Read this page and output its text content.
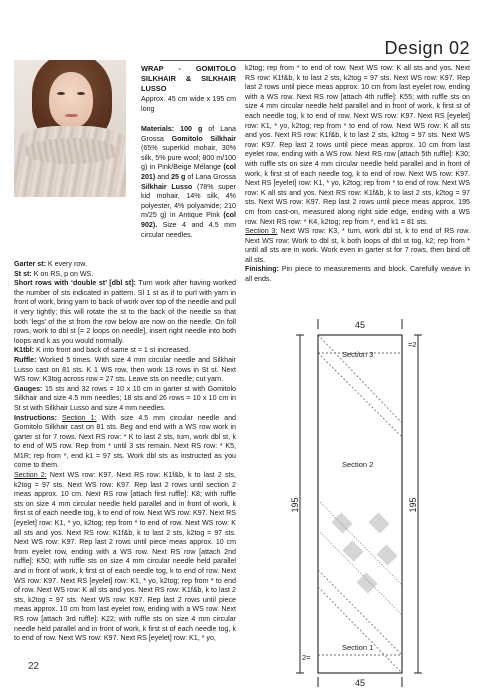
Design 02

WRAP - GOMITOLO SILKHAIR & SILKHAIR LUSSO

Approx. 45 cm wide x 195 cm long

Materials: 100 g of Lana Grossa Gomitolo Silkhair (65% superkid mohair, 30% silk, 5% pure wool; 800 m/100 g) in Pink/Beige Mélange (col 201) and 25 g of Lana Grossa Silkhair Lusso (78% super kid mohair, 14% silk, 4% polyester, 4% polyamide; 210 m/25 g) in Antique Pink (col 902). Size 4 and 4.5 mm circular needles.

Garter st: K every row.

St st: K on RS, p on WS.

Short rows with ‘double st’ [dbl st]: Turn work after having worked the number of sts indicated in pattern. Sl 1 st as if to purl with yarn in front of work, bring yarn to back of work over top of the needle and pull it very tightly; this will rotate the st to the back of the needle so that both ‘legs’ of the st from the row below are now on the needle. On foll rows, work to dbl st [= 2 loops on needle], insert right needle into both loops and k as you would normally.

K1tbl: K into front and back of same st = 1 st increased.

Ruffle: Worked 5 times. With size 4 mm circular needle and Silkhair Lusso cast on 81 sts. K 1 WS row, then work 13 rows in St st. Next WS row: K3tog across row = 27 sts. Leave sts on needle; cut yarn.

Gauges: 15 sts and 32 rows = 10 x 10 cm in garter st with Gomitolo Silkhair and size 4.5 mm needles; 18 sts and 26 rows = 10 x 10 cm in St st with Silkhair Lusso and size 4 mm needles.

Instructions: Section 1: With size 4.5 mm circular needle and Gomitolo Silkhair cast on 81 sts. Beg and end with a WS row work in garter st for 7 rows. Next RS row: * K to last 2 sts, turn, work dbl st, k to end of WS row. Rep from * until 3 sts remain. Next RS row: * K5, M1R; rep from *, end k1 = 97 sts. Work dbl sts as instructed as you come to them.

Section 2: Next WS row: K97. Next RS row: K1f&b, k to last 2 sts, k2tog = 97 sts. Next WS row: K97. Rep last 2 rows until section 2 meas approx. 10 cm. Next RS row [attach first ruffle]: K8; with ruffle sts on size 4 mm circular needle held parallel and in front of work, k first st of each needle tog, k to end of row. Next WS row: K97. Next RS [eyelet] row: K1, * yo, k2tog; rep from * to end of row. Next WS row: K all sts and yos. Next RS row: K1f&b, k to last 2 sts, k2tog = 97 sts. Next WS row: K97. Rep last 2 rows until piece meas approx. 10 cm from eyelet row, ending with a WS row. Next RS row [attach 2nd ruffle]: K50; with ruffle sts on size 4 mm circular needle held parallel and in front of work, k first st of each needle tog, k to end of row. Next WS row: K97. Next RS [eyelet] row: K1, * yo, k2tog; rep from * to end of row. Next WS row: K all sts and yos. Next RS row: K1f&b, k to last 2 sts, k2tog = 97 sts. Next WS row: K97. Rep last 2 rows until piece meas approx. 10 cm from last eyelet row, ending with a WS row. Next RS row [attach 3rd ruffle]: K22; with ruffle sts on size 4 mm circular needle held parallel and in front of work, k first st of each needle tog, k to end of row. Next WS row: K97. Next RS [eyelet] row: K1, * yo,

k2tog; rep from * to end of row. Next WS row: K all sts and yos. Next RS row: K1f&b, k to last 2 sts, k2tog = 97 sts. Next WS row: K97. Rep last 2 rows until piece meas approx. 10 cm from last eyelet row, ending with a WS row. Next RS row [attach 4th ruffle]: K55; with ruffle sts on size 4 mm circular needle held parallel and in front of work, k first st of each needle tog, k to end of row. Next WS row: K97. Next RS [eyelet] row: K1, * yo, k2tog; rep from * to end of row. Next WS row: K all sts and yos. Next RS row: K1f&b, k to last 2 sts, k2tog = 97 sts. Next WS row: K97. Rep last 2 rows until piece meas approx. 10 cm from last eyelet row, ending with a WS row. Next RS row [attach 5th ruffle]: K30; with ruffle sts on size 4 mm circular needle held parallel and in front of work, k first st of each needle tog, k to end of row. Next WS row: K97. Next RS [eyelet] row: K1, * yo, k2tog; rep from * to end of row. Next WS row: K all sts and yos. Next RS row: K1f&b, k to last 2 sts, k2tog = 97 sts. Next WS row: K97. Rep last 2 rows until piece meas approx. 195 cm from cast-on, measured along right side edge, ending with a WS row. Next RS row: * K4, k2tog; rep from *, end k1 = 81 sts.

Section 3: Next WS row: K3, * turn, work dbl st, k to end of RS row. Next WS row: Work to dbl st, k both loops of dbl st tog, k2; rep from * until all sts are in work. Work even in garter st for 7 rows, then bind off all sts.

Finishing: Pin piece to measurements and block. Carefully weave in all ends.

45
195	195
Section 3
Section 2
Section 1
=2
2=
45
22
